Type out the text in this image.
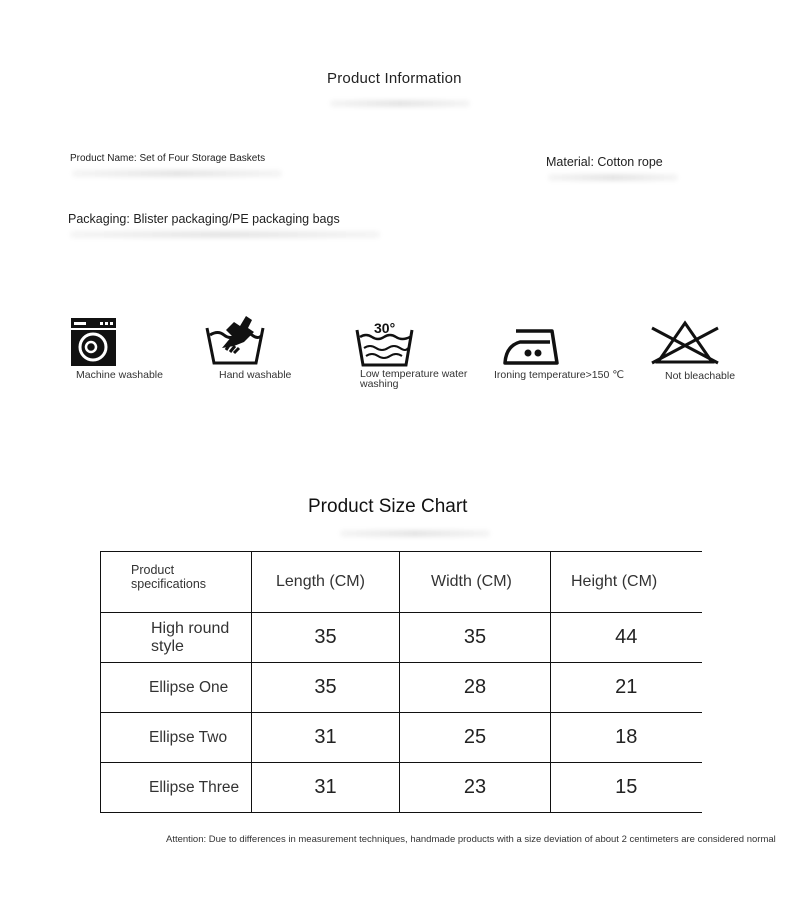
Product Information
Product Name: Set of Four Storage Baskets	Material: Cotton rope
Packaging: Blister packaging/PE packaging bags
Machine washable	Hand washable
30°
Low temperature water washing
Ironing temperature>150 ℃	Not bleachable
Product Size Chart
Product specifications	Length (CM)	Width (CM)	Height (CM)
High round style	35	35	44
Ellipse One	35	28	21
Ellipse Two	31	25	18
Ellipse Three	31	23	15
Attention: Due to differences in measurement techniques, handmade products with a size deviation of about 2 centimeters are considered normal
